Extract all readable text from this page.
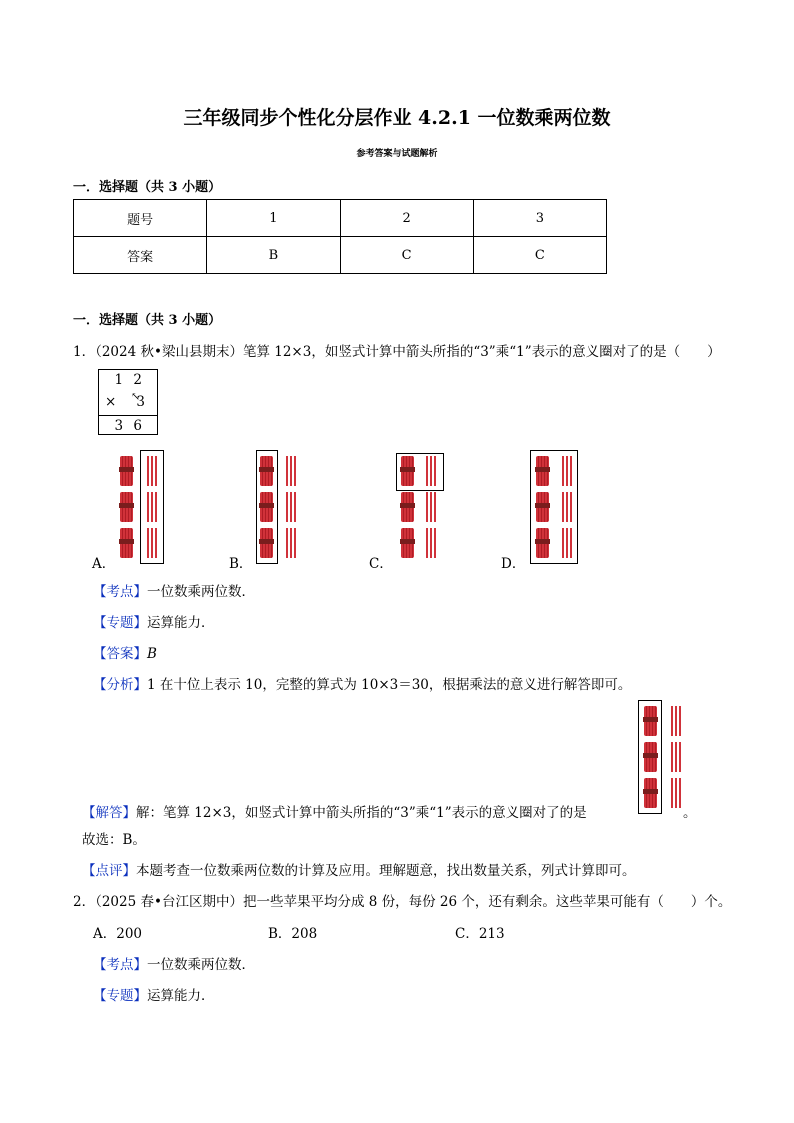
三年级同步个性化分层作业 4.2.1 一位数乘两位数
参考答案与试题解析
一．选择题（共 3 小题）
题号	1	2	3
答案	B	C	C
一．选择题（共 3 小题）
1．（2024 秋•梁山县期末）笔算 12×3，如竖式计算中箭头所指的“3”乘“1”表示的意义圈对了的是（　　）
1 2
↖
× 3
3 6
A．	B．	C．	D．
【考点】一位数乘两位数．
【专题】运算能力．
【答案】B
【分析】1 在十位上表示 10，完整的算式为 10×3＝30，根据乘法的意义进行解答即可。
【解答】解：笔算 12×3，如竖式计算中箭头所指的“3”乘“1”表示的意义圈对了的是	。
故选：B。
【点评】本题考查一位数乘两位数的计算及应用。理解题意，找出数量关系，列式计算即可。
2．（2025 春•台江区期中）把一些苹果平均分成 8 份，每份 26 个，还有剩余。这些苹果可能有（　　）个。
A．200	B．208	C．213
【考点】一位数乘两位数．
【专题】运算能力．
